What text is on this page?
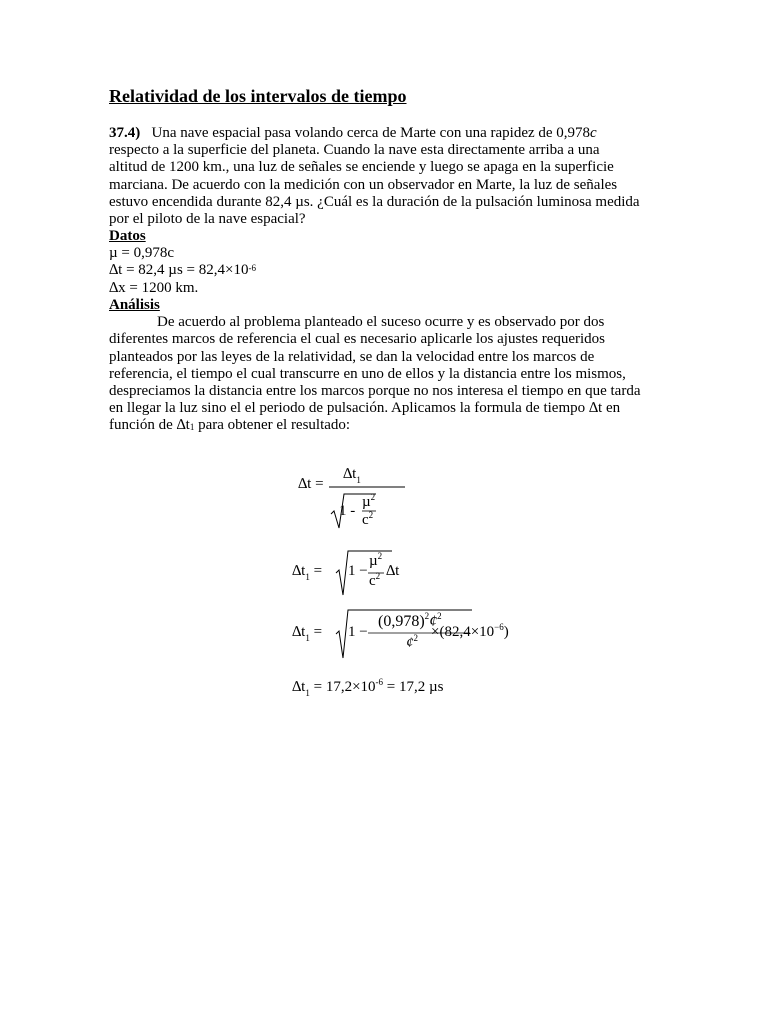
Relatividad de los intervalos de tiempo
37.4) Una nave espacial pasa volando cerca de Marte con una rapidez de 0,978c
respecto a la superficie del planeta. Cuando la nave esta directamente arriba a una
altitud de 1200 km., una luz de señales se enciende y luego se apaga en la superficie
marciana. De acuerdo con la medición con un observador en Marte, la luz de señales
estuvo encendida durante 82,4 µs. ¿Cuál es la duración de la pulsación luminosa medida
por el piloto de la nave espacial?
Datos
µ = 0,978c
∆t = 82,4 $\mu s = 82,4\times 10^{-6}$
∆x = 1200 km.
Análisis
De acuerdo al problema planteado el suceso ocurre y es observado por dos
diferentes marcos de referencia el cual es necesario aplicarle los ajustes requeridos
planteados por las leyes de la relatividad, se dan la velocidad entre los marcos de
referencia, el tiempo el cual transcurre en uno de ellos y la distancia entre los mismos,
despreciamos la distancia entre los marcos porque no nos interesa el tiempo en que tarda
en llegar la luz sino el el periodo de pulsación. Aplicamos la formula de tiempo ∆t en
función de $\Delta t_1$ para obtener el resultado:
∆t =
$\Delta t_1$
1 -
µ$^2$
$c^2$
$\Delta t_1 = 1$ −
µ$^2$
$c^2$ ∆t
$\Delta t_1 = 1$ −
$(0,978)^2¢^2$
¢$^2$ $\times(82,4\times 10^{-6})$
$\Delta t_1 = 17,2\times 10^{-6} = 17,2$ µs
